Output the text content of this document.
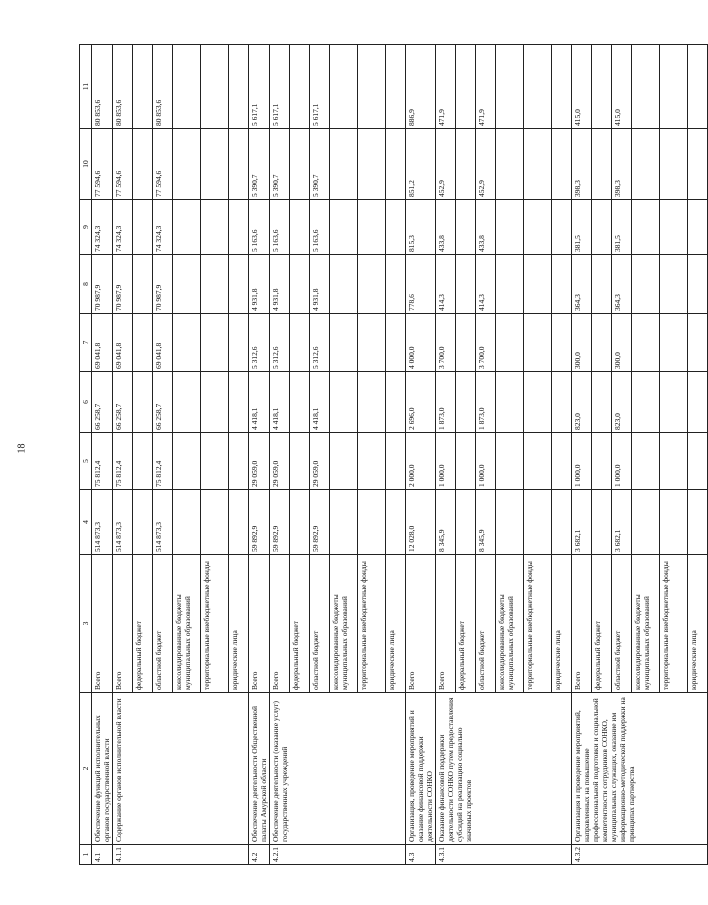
18
1	2	3	4	5	6	7	8	9	10	11
4.1	Обеспечение функций исполнительных органов государственной власти	Всего	514 873,3	75 812,4	66 258,7	69 041,8	70 987,9	74 324,3	77 594,6	80 853,6
4.1.1	Содержание органов исполнительной власти	Всего	514 873,3	75 812,4	66 258,7	69 041,8	70 987,9	74 324,3	77 594,6	80 853,6
		федеральный бюджет								
		областной бюджет	514 873,3	75 812,4	66 258,7	69 041,8	70 987,9	74 324,3	77 594,6	80 853,6
		консолидированные бюджеты муниципальных образований								
		территориальные внебюджетные фонды								
		юридические лица								
4.2	Обеспечение деятельности Общественной палаты Амурской области	Всего	59 892,9	29 059,0	4 418,1	5 312,6	4 931,8	5 163,6	5 390,7	5 617,1
4.2.1	Обеспечение деятельности (оказание услуг) государственных учреждений	Всего	59 892,9	29 059,0	4 418,1	5 312,6	4 931,8	5 163,6	5 390,7	5 617,1
		федеральный бюджет								
		областной бюджет	59 892,9	29 059,0	4 418,1	5 312,6	4 931,8	5 163,6	5 390,7	5 617,1
		консолидированные бюджеты муниципальных образований								
		территориальные внебюджетные фонды								
		юридические лица								
4.3	Организация, проведение мероприятий и оказание финансовой поддержки деятельности СОНКО	Всего	12 028,0	2 000,0	2 696,0	4 000,0	778,6	815,3	851,2	886,9
4.3.1	Оказание финансовой поддержки деятельности СОНКО путем предоставления субсидий на реализацию социально значимых проектов	Всего	8 345,9	1 000,0	1 873,0	3 700,0	414,3	433,8	452,9	471,9
		федеральный бюджет								
		областной бюджет	8 345,9	1 000,0	1 873,0	3 700,0	414,3	433,8	452,9	471,9
		консолидированные бюджеты муниципальных образований								
		территориальные внебюджетные фонды								
		юридические лица								
4.3.2	Организация и проведение мероприятий, направленных на повышение профессиональной подготовки и социальной компетентности сотрудников СОНКО, муниципальных служащих, оказание им информационно-методической поддержки на принципах партнерства	Всего	3 682,1	1 000,0	823,0	300,0	364,3	381,5	398,3	415,0
		федеральный бюджет								
		областной бюджет	3 682,1	1 000,0	823,0	300,0	364,3	381,5	398,3	415,0
		консолидированные бюджеты муниципальных образований								
		территориальные внебюджетные фонды								
		юридические лица								
